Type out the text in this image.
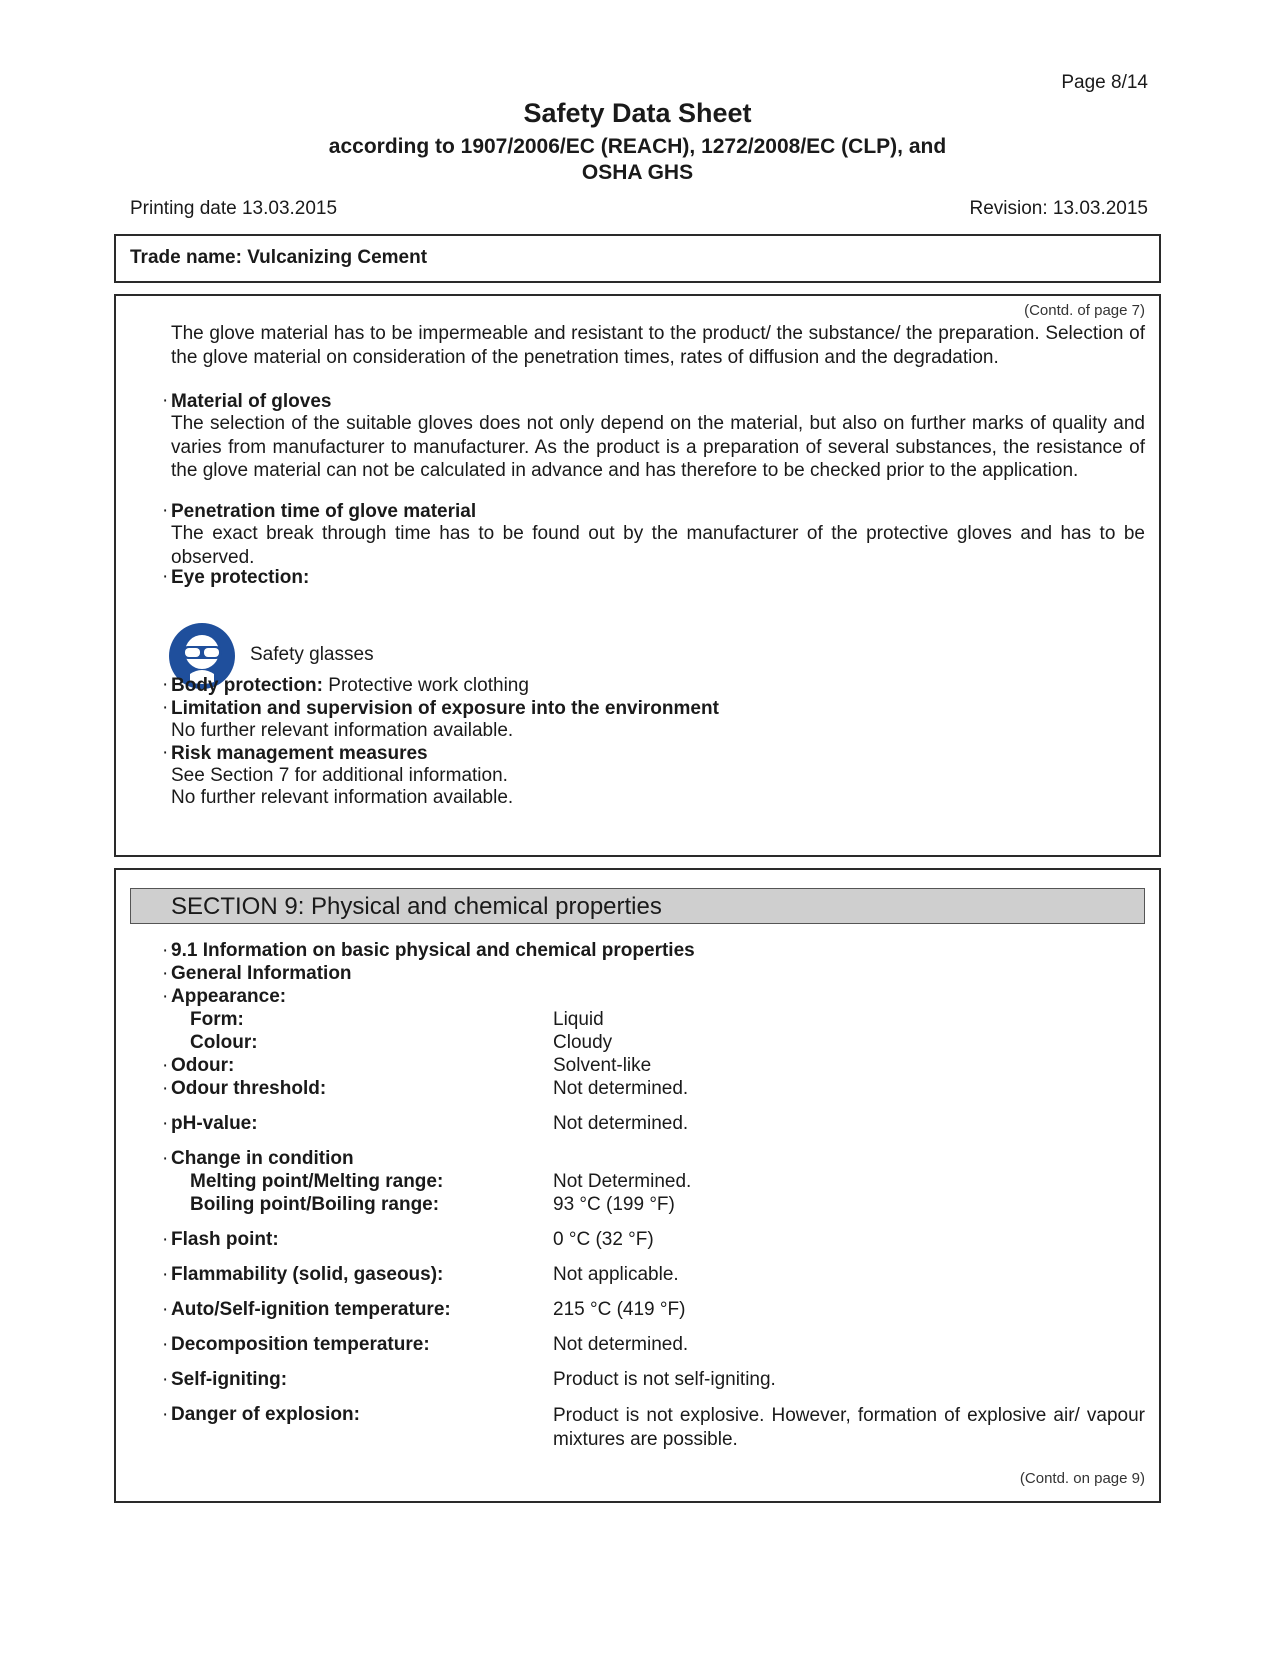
Page 8/14
Safety Data Sheet
according to 1907/2006/EC (REACH), 1272/2008/EC (CLP), and
OSHA GHS
Printing date 13.03.2015	Revision: 13.03.2015
Trade name: Vulcanizing Cement
(Contd. of page 7)
The glove material has to be impermeable and resistant to the product/ the substance/ the preparation. Selection of the glove material on consideration of the penetration times, rates of diffusion and the degradation.
· Material of gloves
The selection of the suitable gloves does not only depend on the material, but also on further marks of quality and varies from manufacturer to manufacturer. As the product is a preparation of several substances, the resistance of the glove material can not be calculated in advance and has therefore to be checked prior to the application.
· Penetration time of glove material
The exact break through time has to be found out by the manufacturer of the protective gloves and has to be observed.
· Eye protection:
Safety glasses
· Body protection: Protective work clothing
· Limitation and supervision of exposure into the environment
No further relevant information available.
· Risk management measures
See Section 7 for additional information.
No further relevant information available.
SECTION 9: Physical and chemical properties
· 9.1 Information on basic physical and chemical properties
· General Information
· Appearance:
Form:	Liquid
Colour:	Cloudy
· Odour:	Solvent-like
· Odour threshold:	Not determined.
· pH-value:	Not determined.
· Change in condition
Melting point/Melting range:	Not Determined.
Boiling point/Boiling range:	93 °C (199 °F)
· Flash point:	0 °C (32 °F)
· Flammability (solid, gaseous):	Not applicable.
· Auto/Self-ignition temperature:	215 °C (419 °F)
· Decomposition temperature:	Not determined.
· Self-igniting:	Product is not self-igniting.
· Danger of explosion:	Product is not explosive. However, formation of explosive air/ vapour mixtures are possible.
(Contd. on page 9)
